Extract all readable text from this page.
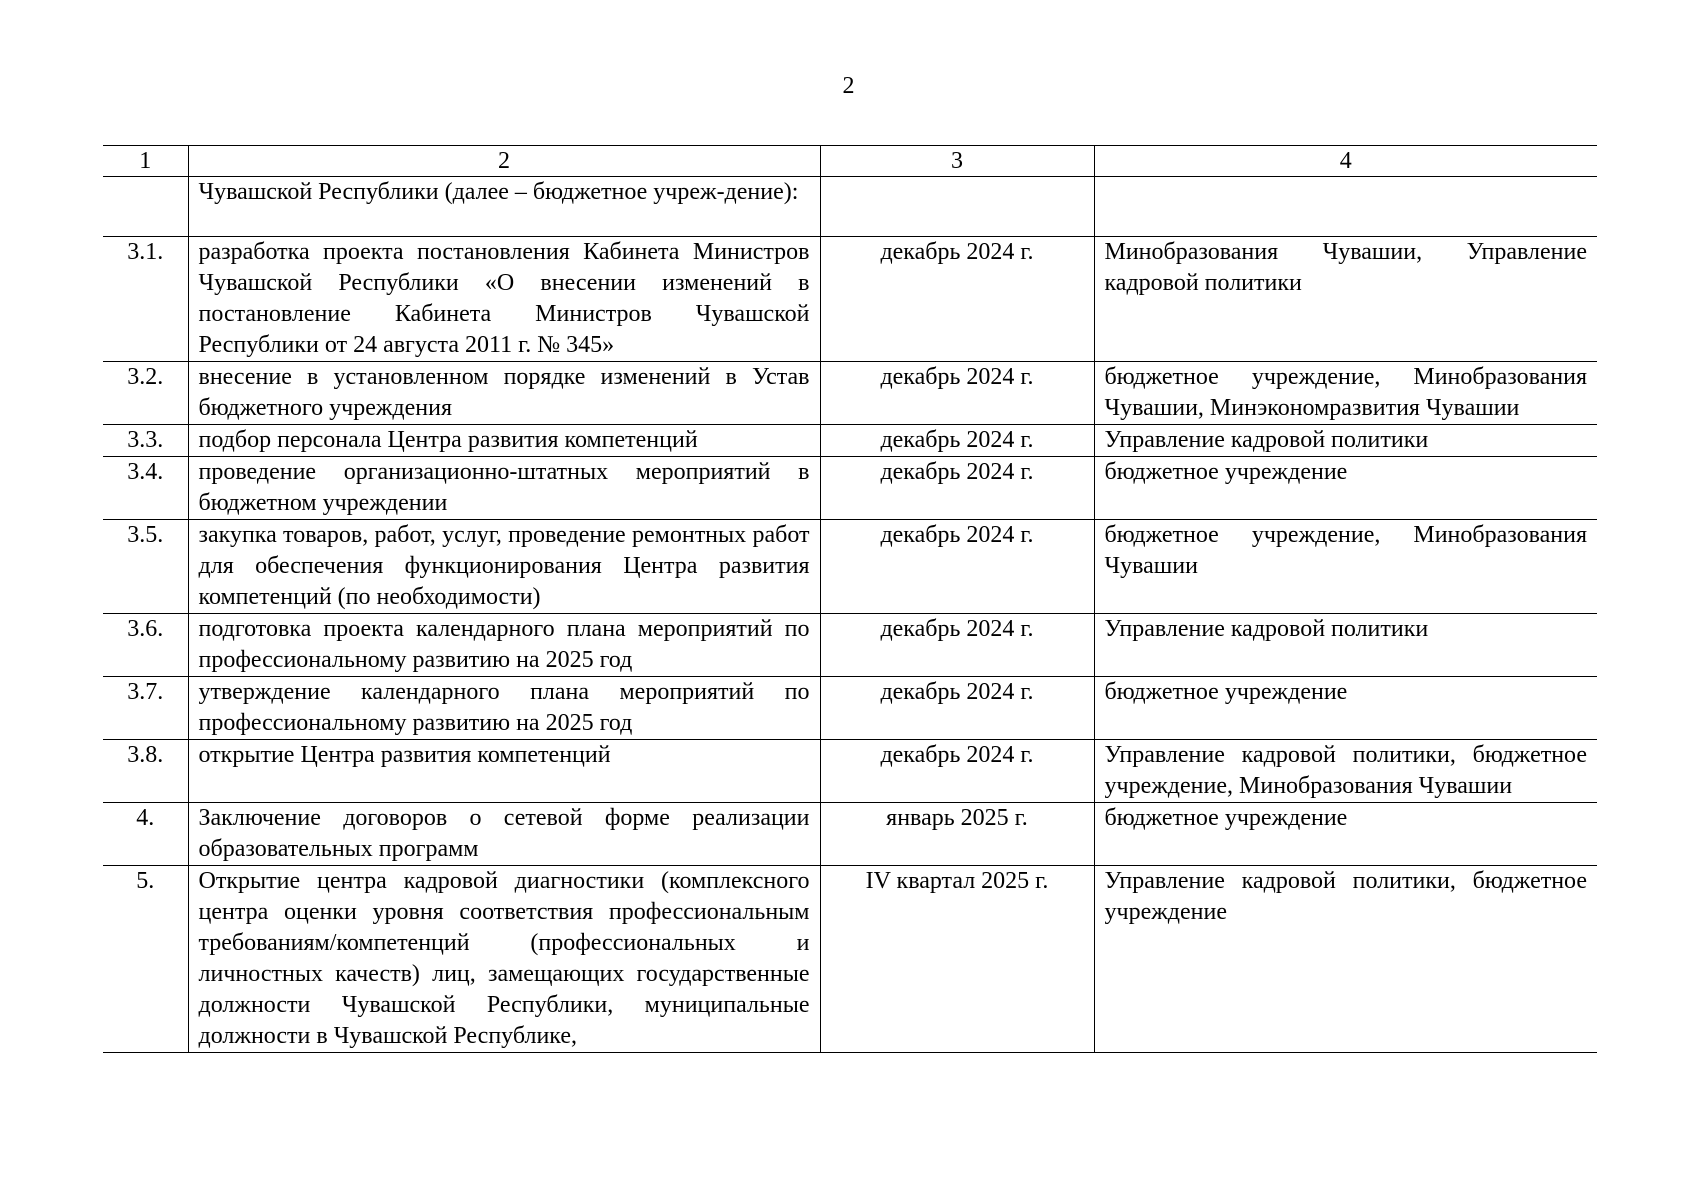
2
1	2	3	4
	Чувашской Республики (далее – бюджетное учреж-дение):		
3.1.	разработка проекта постановления Кабинета Министров Чувашской Республики «О внесении изменений в постановление Кабинета Министров Чувашской Республики от 24 августа 2011 г. № 345»	декабрь 2024 г.	Минобразования Чувашии, Управление кадровой политики
3.2.	внесение в установленном порядке изменений в Устав бюджетного учреждения	декабрь 2024 г.	бюджетное учреждение, Минобразования Чувашии, Минэкономразвития Чувашии
3.3.	подбор персонала Центра развития компетенций	декабрь 2024 г.	Управление кадровой политики
3.4.	проведение организационно-штатных мероприятий в бюджетном учреждении	декабрь 2024 г.	бюджетное учреждение
3.5.	закупка товаров, работ, услуг, проведение ремонтных работ для обеспечения функционирования Центра развития компетенций (по необходимости)	декабрь 2024 г.	бюджетное учреждение, Минобразования Чувашии
3.6.	подготовка проекта календарного плана мероприятий по профессиональному развитию на 2025 год	декабрь 2024 г.	Управление кадровой политики
3.7.	утверждение календарного плана мероприятий по профессиональному развитию на 2025 год	декабрь 2024 г.	бюджетное учреждение
3.8.	открытие Центра развития компетенций	декабрь 2024 г.	Управление кадровой политики, бюджетное учреждение, Минобразования Чувашии
4.	Заключение договоров о сетевой форме реализации образовательных программ	январь 2025 г.	бюджетное учреждение
5.	Открытие центра кадровой диагностики (комплексного центра оценки уровня соответствия профессиональным требованиям/компетенций (профессиональных и личностных качеств) лиц, замещающих государственные должности Чувашской Республики, муниципальные должности в Чувашской Республике,	IV квартал 2025 г.	Управление кадровой политики, бюджетное учреждение
